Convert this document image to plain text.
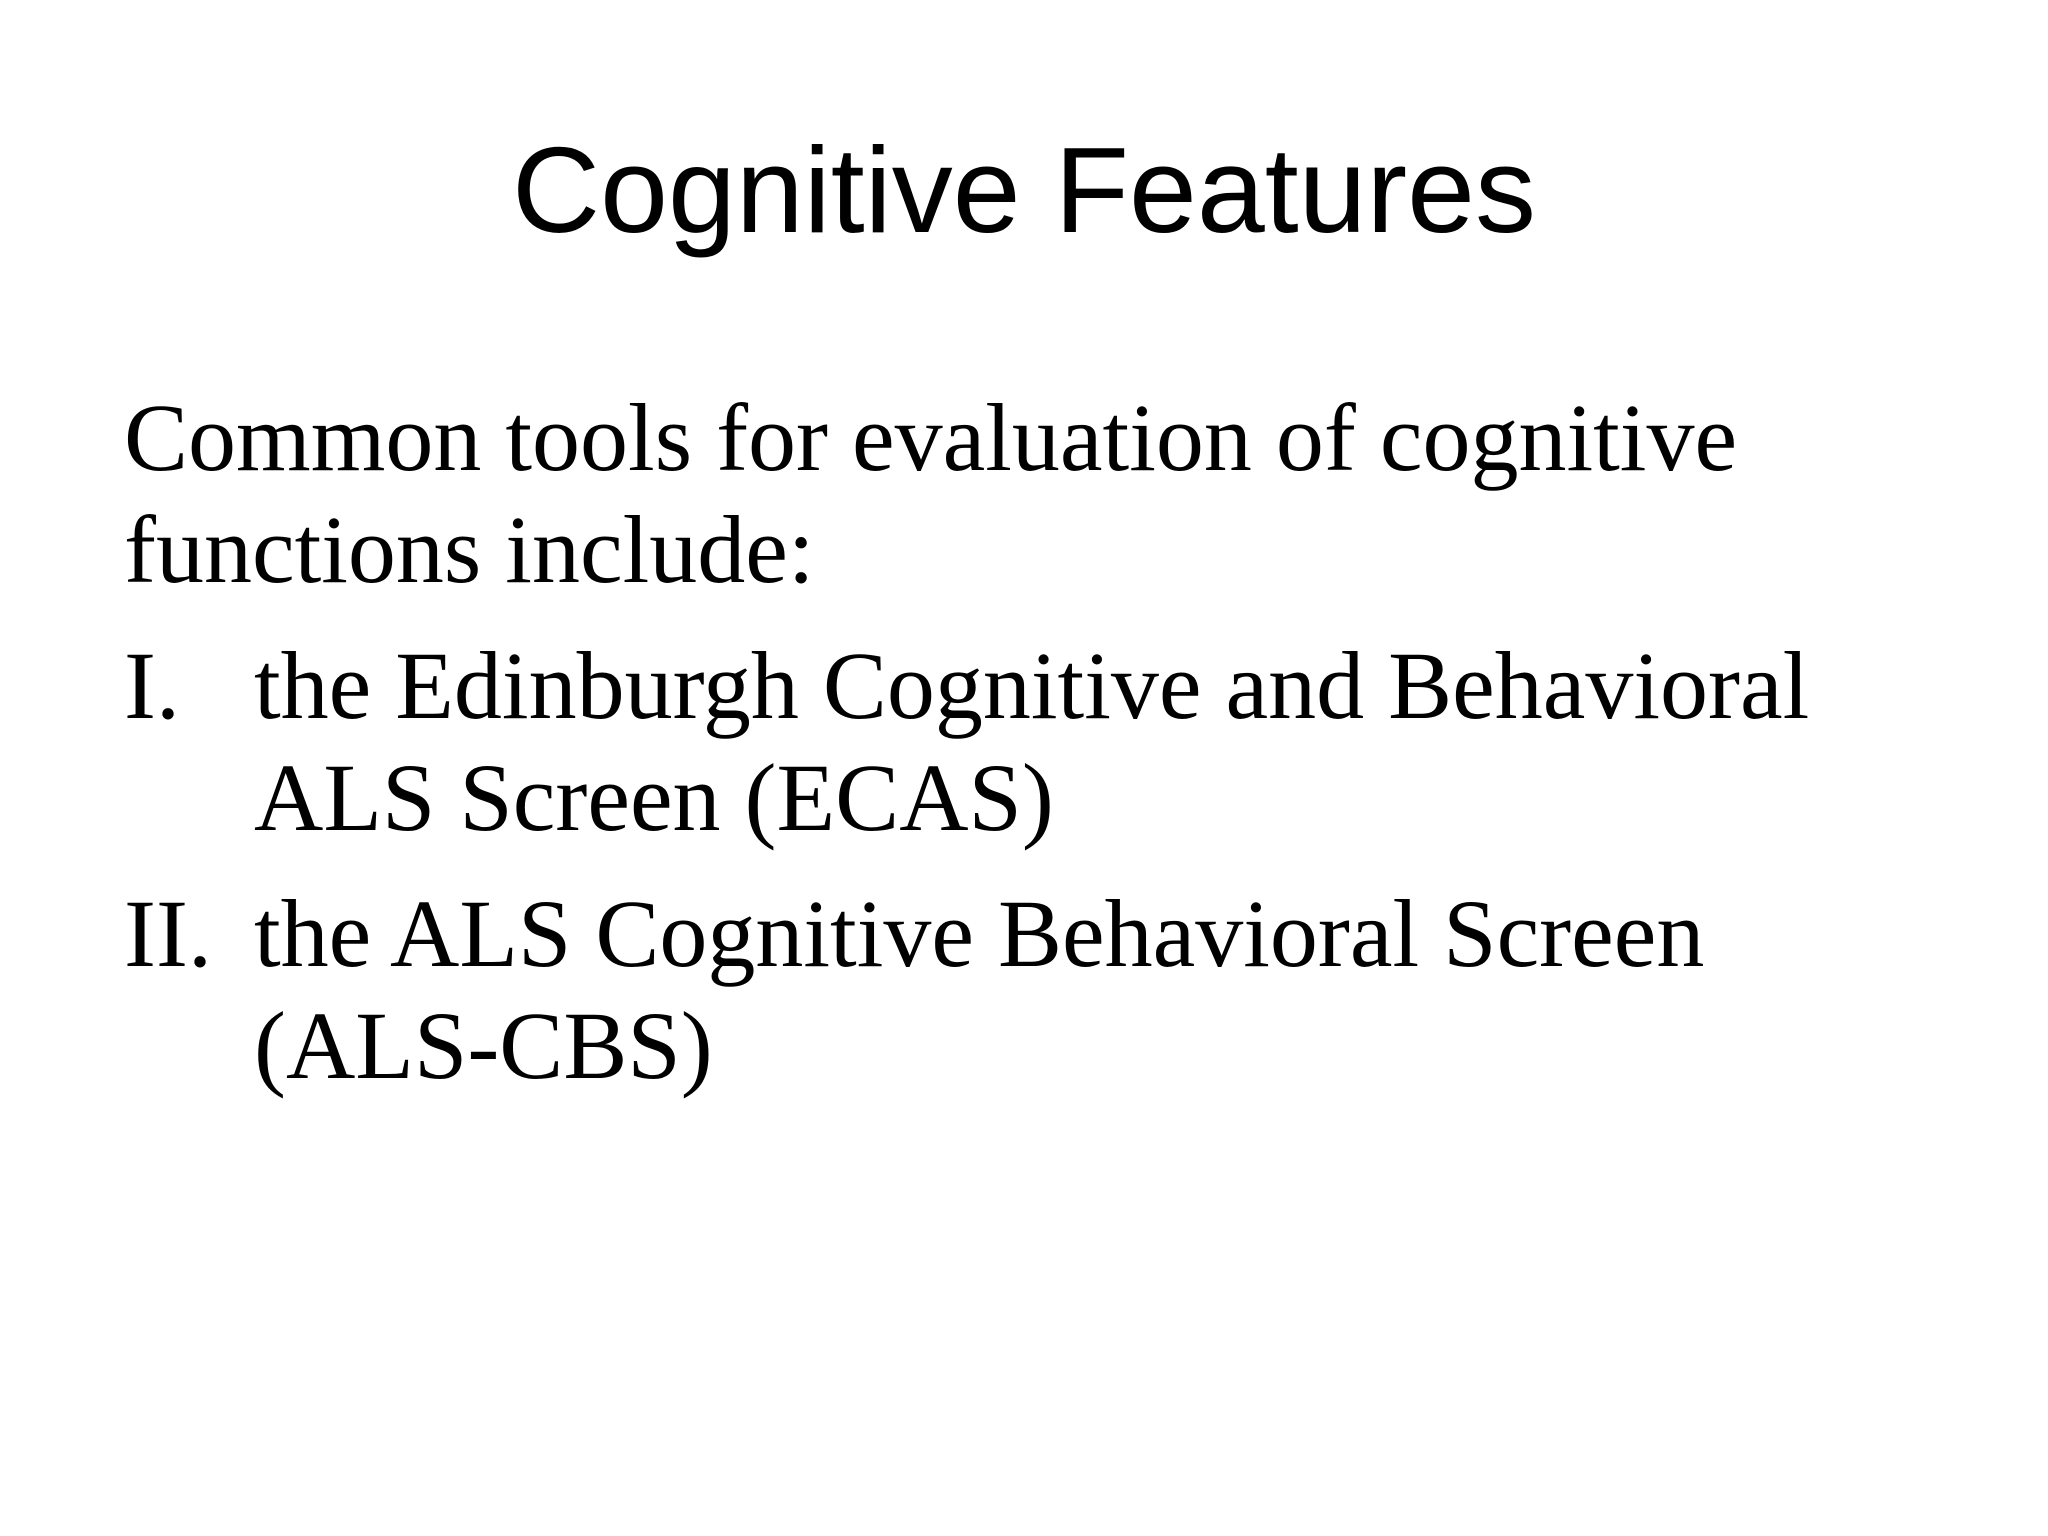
Cognitive Features

Common tools for evaluation of cognitive functions include:

I. the Edinburgh Cognitive and Behavioral ALS Screen (ECAS)
II. the ALS Cognitive Behavioral Screen (ALS-CBS)
